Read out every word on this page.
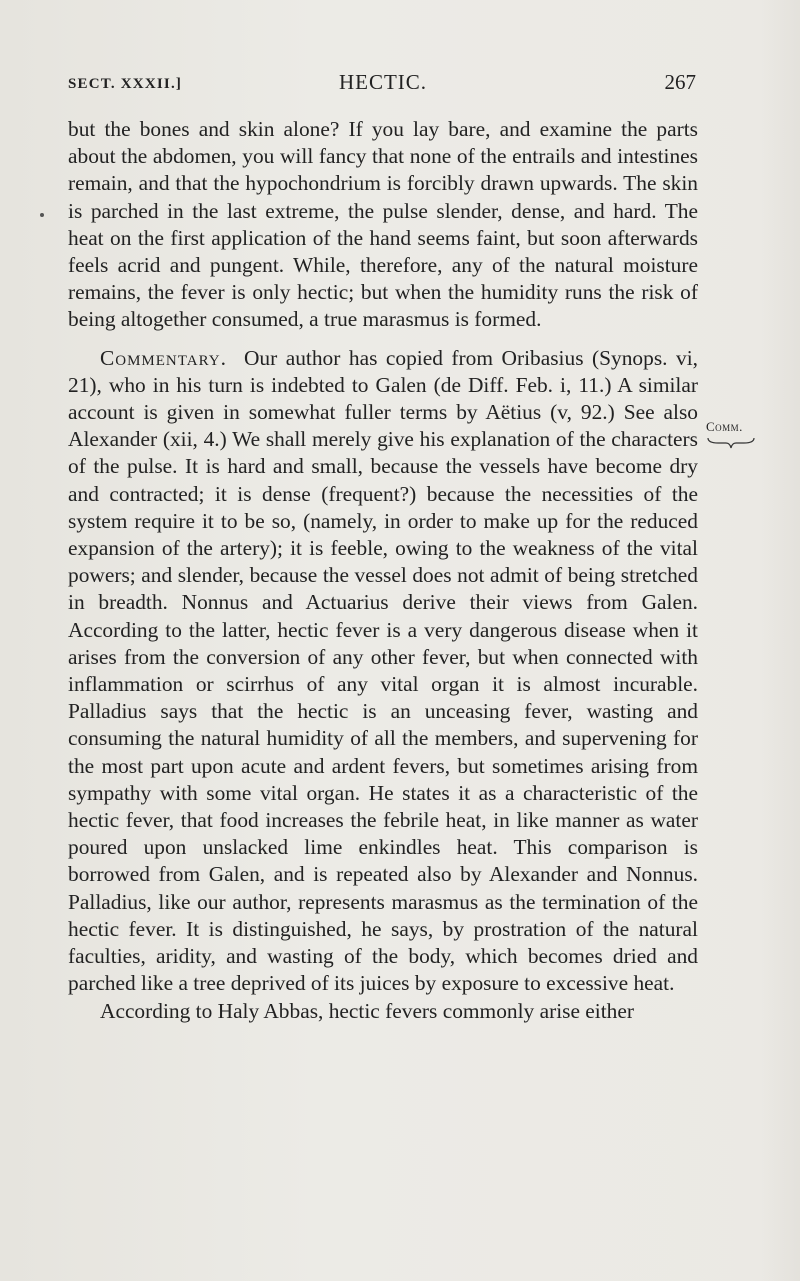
SECT. XXXII.]	HECTIC.	267
Comm.

but the bones and skin alone? If you lay bare, and examine the parts about the abdomen, you will fancy that none of the entrails and intestines remain, and that the hypochondrium is forcibly drawn upwards. The skin is parched in the last extreme, the pulse slender, dense, and hard. The heat on the first application of the hand seems faint, but soon afterwards feels acrid and pungent. While, therefore, any of the natural moisture remains, the fever is only hectic; but when the humidity runs the risk of being altogether consumed, a true marasmus is formed.

Commentary. Our author has copied from Oribasius (Synops. vi, 21), who in his turn is indebted to Galen (de Diff. Feb. i, 11.) A similar account is given in somewhat fuller terms by Aëtius (v, 92.) See also Alexander (xii, 4.) We shall merely give his explanation of the characters of the pulse. It is hard and small, because the vessels have become dry and contracted; it is dense (frequent?) because the necessities of the system require it to be so, (namely, in order to make up for the reduced expansion of the artery); it is feeble, owing to the weakness of the vital powers; and slender, because the vessel does not admit of being stretched in breadth. Nonnus and Actuarius derive their views from Galen. According to the latter, hectic fever is a very dangerous disease when it arises from the conversion of any other fever, but when connected with inflammation or scirrhus of any vital organ it is almost incurable. Palladius says that the hectic is an unceasing fever, wasting and consuming the natural humidity of all the members, and supervening for the most part upon acute and ardent fevers, but sometimes arising from sympathy with some vital organ. He states it as a characteristic of the hectic fever, that food increases the febrile heat, in like manner as water poured upon unslacked lime enkindles heat. This comparison is borrowed from Galen, and is repeated also by Alexander and Nonnus. Palladius, like our author, represents marasmus as the termination of the hectic fever. It is distinguished, he says, by prostration of the natural faculties, aridity, and wasting of the body, which becomes dried and parched like a tree deprived of its juices by exposure to excessive heat.

According to Haly Abbas, hectic fevers commonly arise either
